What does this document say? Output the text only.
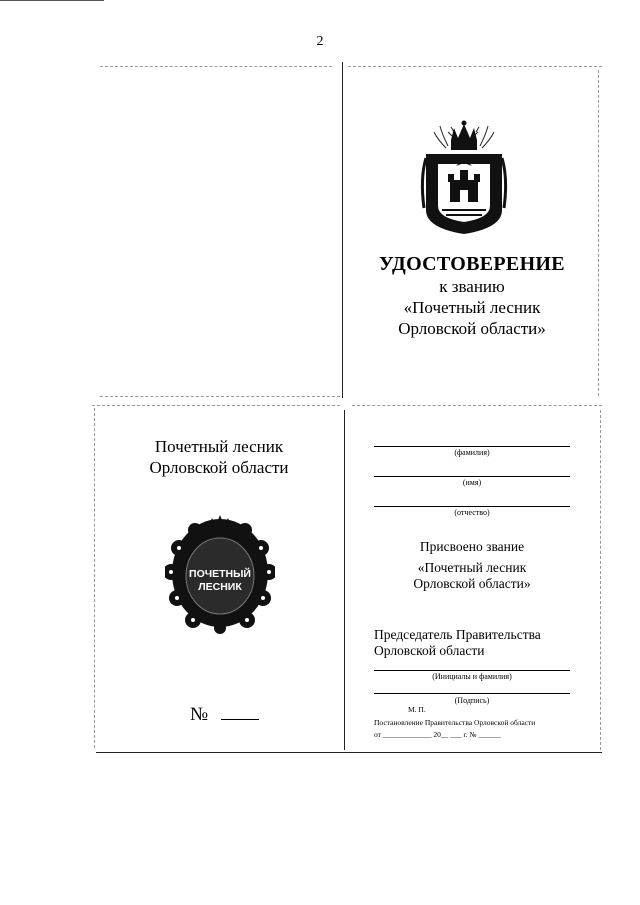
2
УДОСТОВЕРЕНИЕ
к званию
«Почетный лесник
Орловской области»
Почетный лесник
Орловской области
ПОЧЕТНЫЙ
ЛЕСНИК
№
(фамилия)
(имя)
(отчество)
Присвоено звание
«Почетный лесник
Орловской области»
Председатель Правительства
Орловской области
(Инициалы и фамилия)
(Подпись)
М. П.
Постановление Правительства Орловской области
от _____________ 20__ ___ г. № ______
